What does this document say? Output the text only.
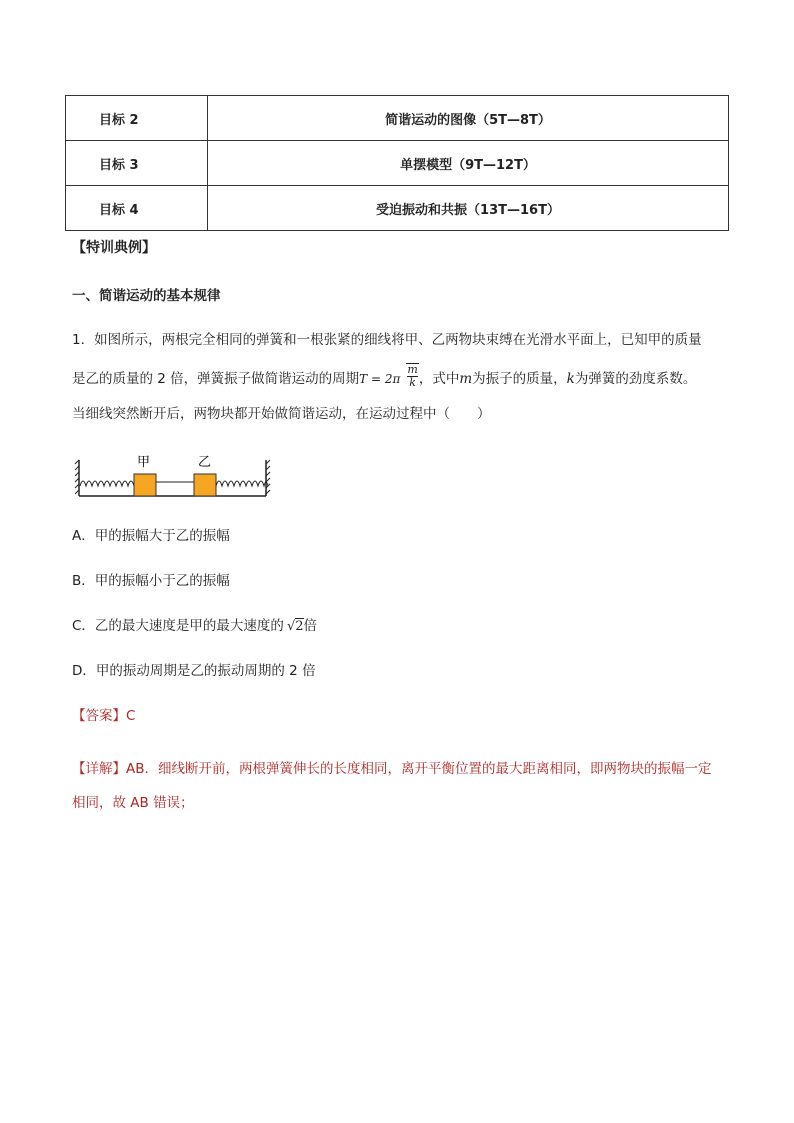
目标 2	简谐运动的图像（5T—8T）
目标 3	单摆模型（9T—12T）
目标 4	受迫振动和共振（13T—16T）
【特训典例】
一、简谐运动的基本规律
1．如图所示，两根完全相同的弹簧和一根张紧的细线将甲、乙两物块束缚在光滑水平面上，已知甲的质量
是乙的质量的 2 倍，弹簧振子做简谐运动的周期$T = 2\pi \frac{m}{k}$ ，式中m为振子的质量，k为弹簧的劲度系数。
当细线突然断开后，两物块都开始做简谐运动，在运动过程中（　　）
甲	乙
A．甲的振幅大于乙的振幅
B．甲的振幅小于乙的振幅
C．乙的最大速度是甲的最大速度的 √2倍
D．甲的振动周期是乙的振动周期的 2 倍
【答案】C
【详解】AB．细线断开前，两根弹簧伸长的长度相同，离开平衡位置的最大距离相同，即两物块的振幅一定相同，故 AB 错误；
